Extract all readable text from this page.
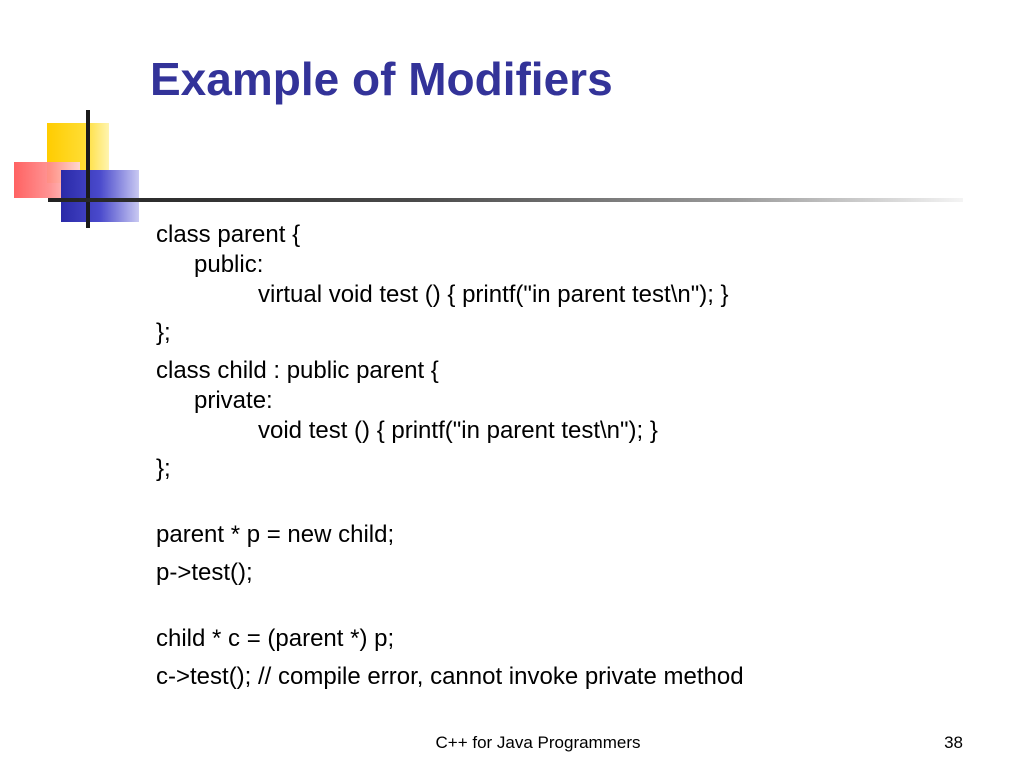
Example of Modifiers
class parent {
public:
virtual void test () { printf("in parent test\n"); }
};
class child : public parent {
private:
void test () { printf("in parent test\n"); }
};
parent * p = new child;
p->test();
child * c = (parent *) p;
c->test(); // compile error, cannot invoke private method
C++ for Java Programmers	38
